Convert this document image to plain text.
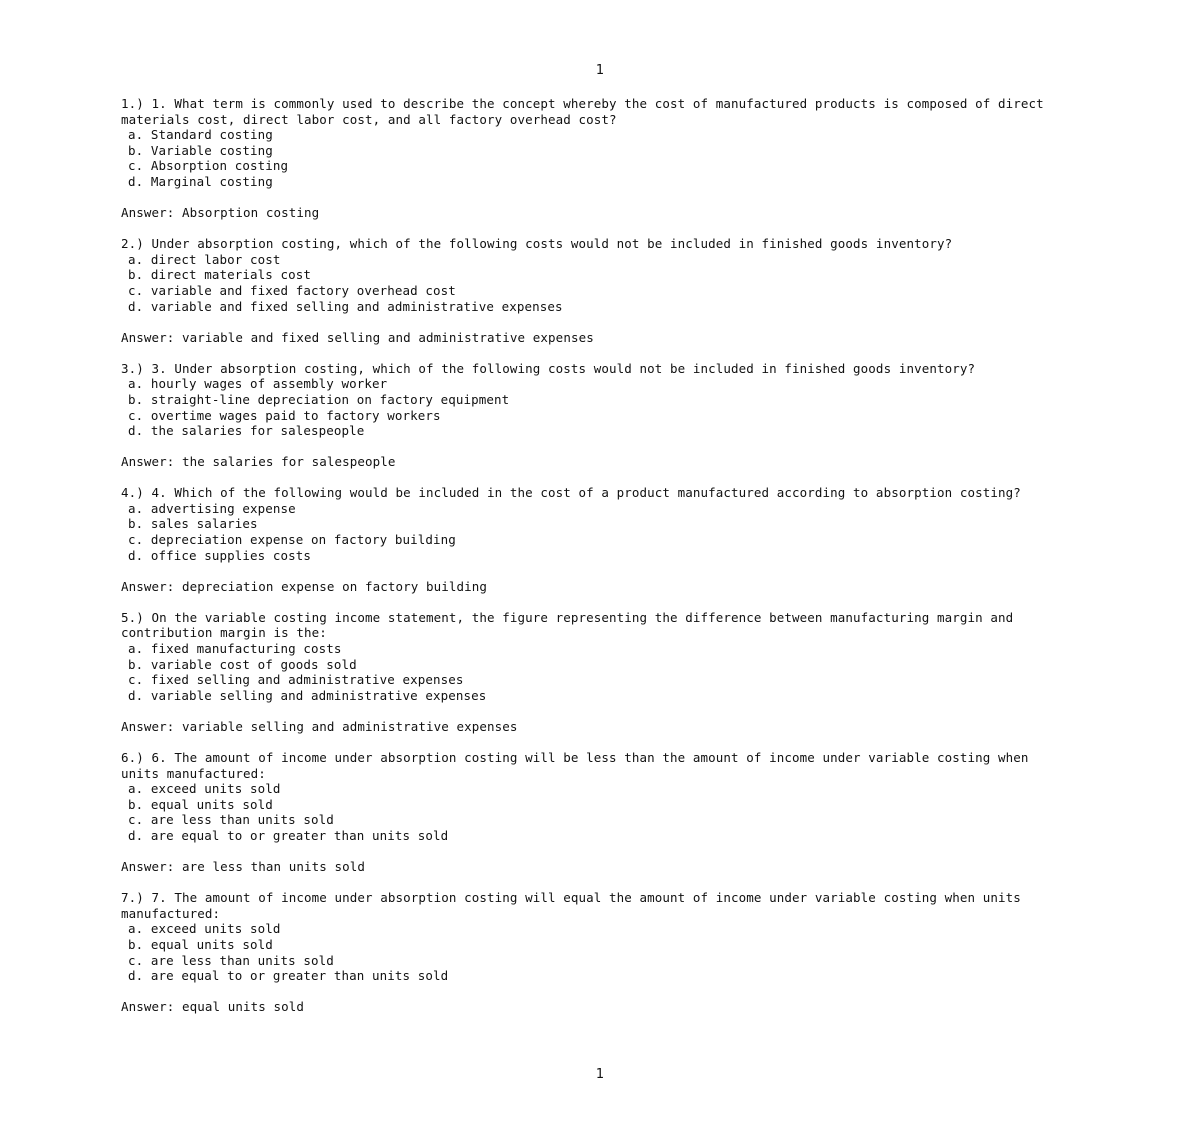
1

1.) 1. What term is commonly used to describe the concept whereby the cost of manufactured products is composed of direct materials cost, direct labor cost, and all factory overhead cost?

a. Standard costing
b. Variable costing
c. Absorption costing
d. Marginal costing

Answer: Absorption costing

2.) Under absorption costing, which of the following costs would not be included in finished goods inventory?

a. direct labor cost
b. direct materials cost
c. variable and fixed factory overhead cost
d. variable and fixed selling and administrative expenses

Answer: variable and fixed selling and administrative expenses

3.) 3. Under absorption costing, which of the following costs would not be included in finished goods inventory?

a. hourly wages of assembly worker
b. straight-line depreciation on factory equipment
c. overtime wages paid to factory workers
d. the salaries for salespeople

Answer: the salaries for salespeople

4.) 4. Which of the following would be included in the cost of a product manufactured according to absorption costing?

a. advertising expense
b. sales salaries
c. depreciation expense on factory building
d. office supplies costs

Answer: depreciation expense on factory building

5.) On the variable costing income statement, the figure representing the difference between manufacturing margin and contribution margin is the:

a. fixed manufacturing costs
b. variable cost of goods sold
c. fixed selling and administrative expenses
d. variable selling and administrative expenses

Answer: variable selling and administrative expenses

6.) 6. The amount of income under absorption costing will be less than the amount of income under variable costing when units manufactured:

a. exceed units sold
b. equal units sold
c. are less than units sold
d. are equal to or greater than units sold

Answer: are less than units sold

7.) 7. The amount of income under absorption costing will equal the amount of income under variable costing when units manufactured:

a. exceed units sold
b. equal units sold
c. are less than units sold
d. are equal to or greater than units sold

Answer: equal units sold

1
